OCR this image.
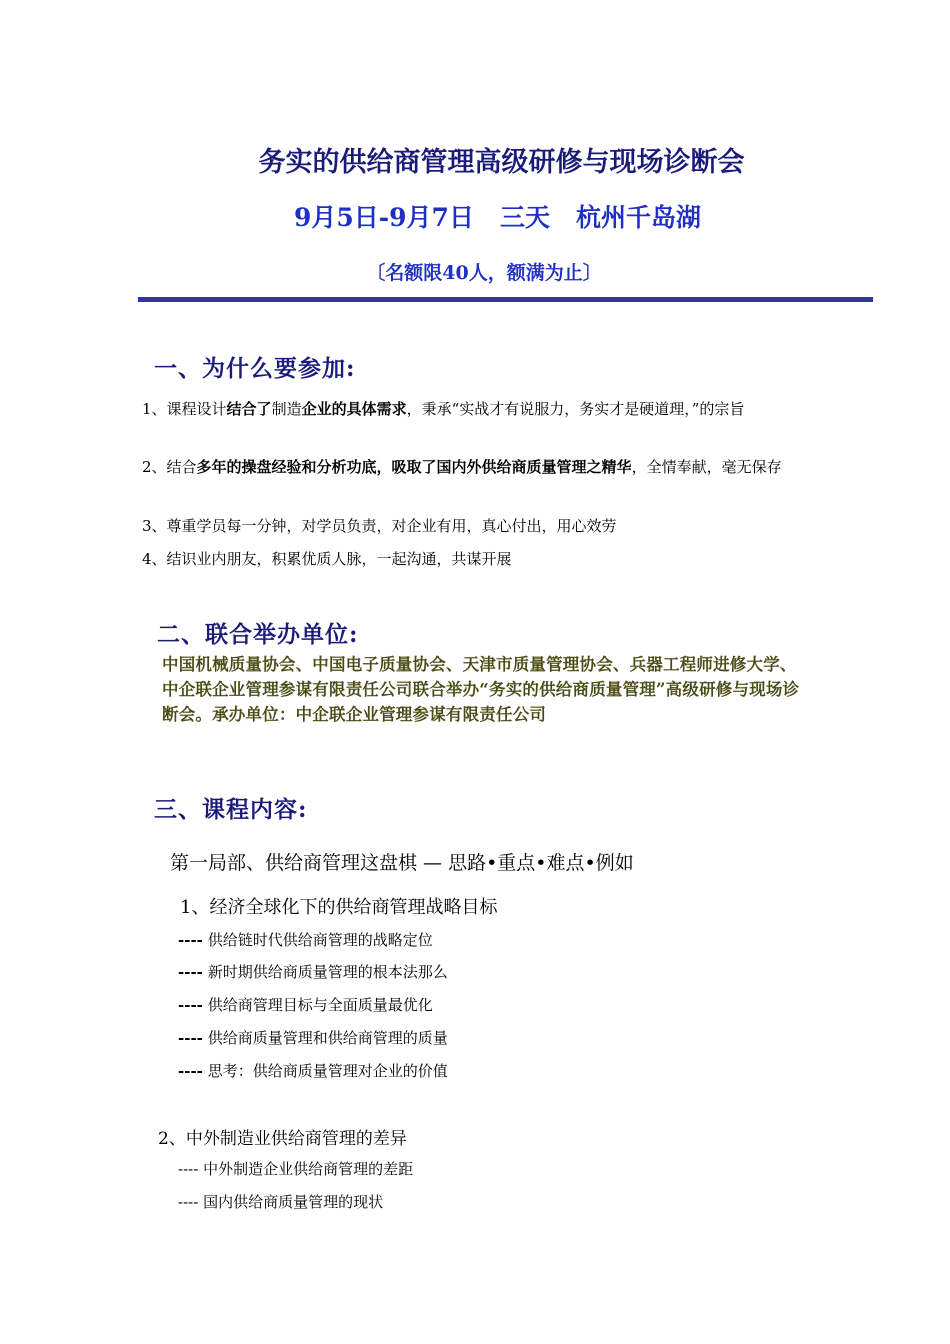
务实的供给商管理高级研修与现场诊断会
9月5日-9月7日 三天 杭州千岛湖
〔名额限40人，额满为止〕
一、为什么要参加:
1、课程设计结合了制造企业的具体需求，秉承“实战才有说服力，务实才是硬道理，”的宗旨
2、结合多年的操盘经验和分析功底，吸取了国内外供给商质量管理之精华，全情奉献，毫无保存
3、尊重学员每一分钟，对学员负责，对企业有用，真心付出，用心效劳
4、结识业内朋友，积累优质人脉，一起沟通，共谋开展
二、联合举办单位:
中国机械质量协会、中国电子质量协会、天津市质量管理协会、兵器工程师进修大学、中企联企业管理参谋有限责任公司联合举办“务实的供给商质量管理”高级研修与现场诊断会。承办单位：中企联企业管理参谋有限责任公司
三、课程内容:
第一局部、供给商管理这盘棋 — 思路•重点•难点•例如
1、经济全球化下的供给商管理战略目标
---- 供给链时代供给商管理的战略定位
---- 新时期供给商质量管理的根本法那么
---- 供给商管理目标与全面质量最优化
---- 供给商质量管理和供给商管理的质量
---- 思考：供给商质量管理对企业的价值
2、中外制造业供给商管理的差异
---- 中外制造企业供给商管理的差距
---- 国内供给商质量管理的现状
